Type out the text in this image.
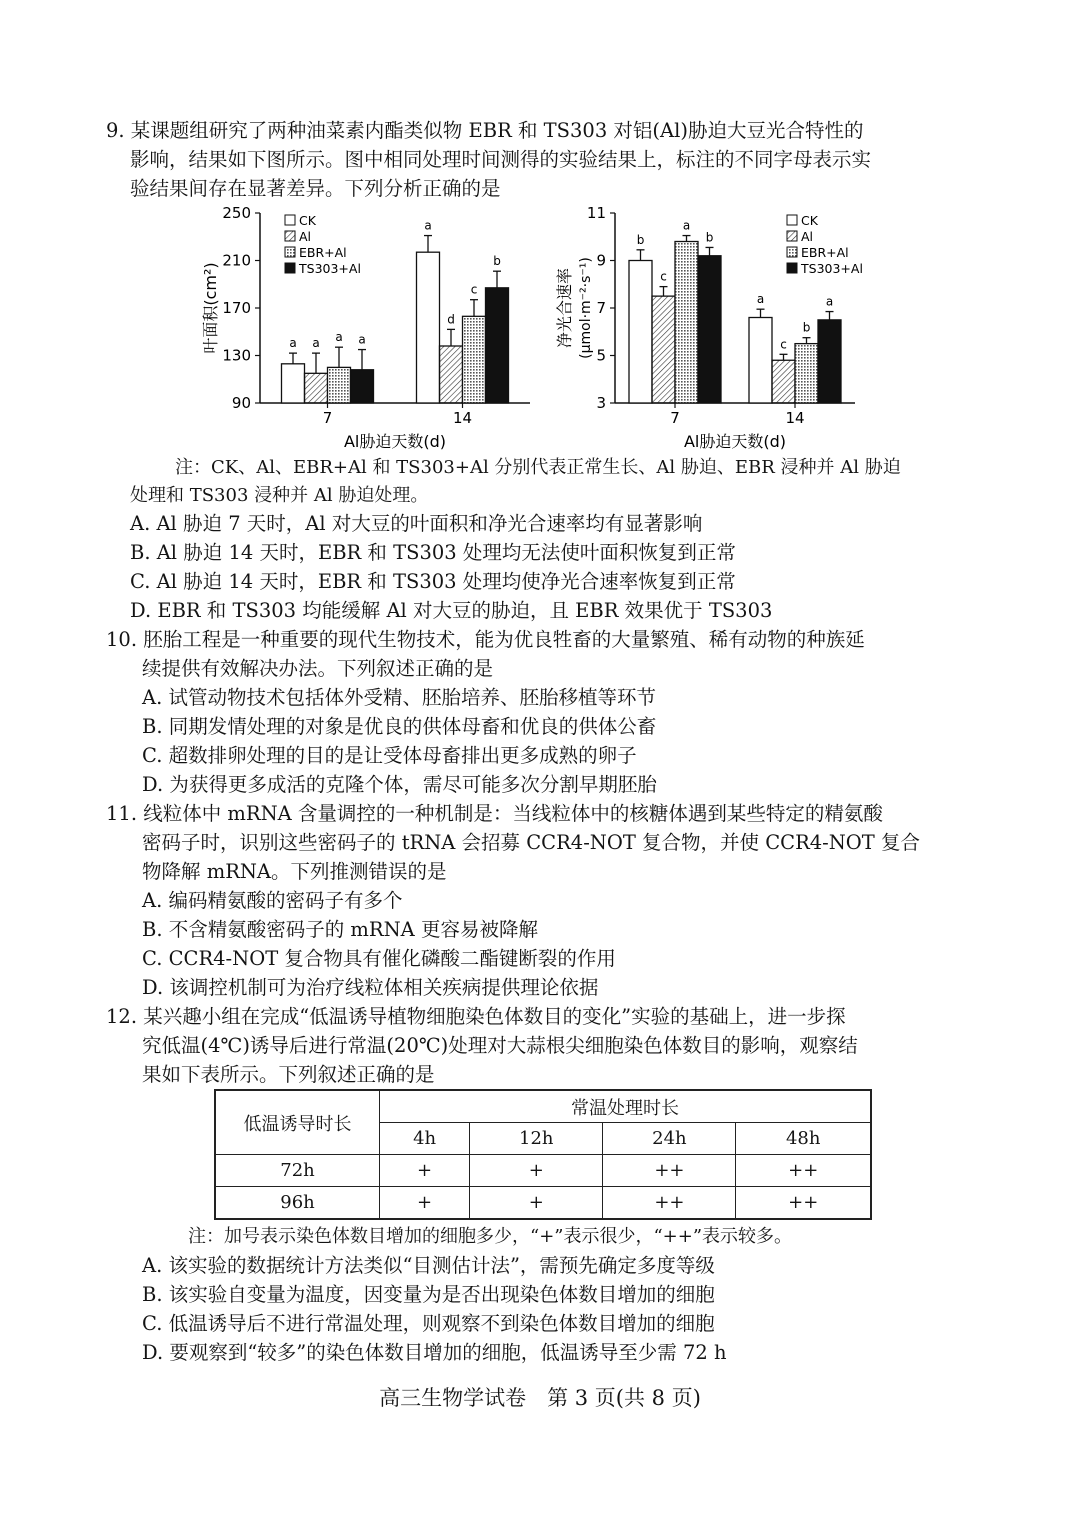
9. 某课题组研究了两种油菜素内酯类似物 EBR 和 TS303 对铝(Al)胁迫大豆光合特性的
影响，结果如下图所示。图中相同处理时间测得的实验结果上，标注的不同字母表示实
验结果间存在显著差异。下列分析正确的是
90
130
170
210
250
7
a a a a
14
a
d
c
b
Al胁迫天数(d)
叶面积(cm²)
CK
Al
EBR+Al
TS303+Al
3
5
7
9
11
7
b
c
a
b
14
a
c
b
a
Al胁迫天数(d)
净光合速率 (μmol·m⁻²·s⁻¹)
CK
Al
EBR+Al
TS303+Al
注：CK、Al、EBR+Al 和 TS303+Al 分别代表正常生长、Al 胁迫、EBR 浸种并 Al 胁迫
处理和 TS303 浸种并 Al 胁迫处理。
A. Al 胁迫 7 天时，Al 对大豆的叶面积和净光合速率均有显著影响
B. Al 胁迫 14 天时，EBR 和 TS303 处理均无法使叶面积恢复到正常
C. Al 胁迫 14 天时，EBR 和 TS303 处理均使净光合速率恢复到正常
D. EBR 和 TS303 均能缓解 Al 对大豆的胁迫，且 EBR 效果优于 TS303
10. 胚胎工程是一种重要的现代生物技术，能为优良牲畜的大量繁殖、稀有动物的种族延
续提供有效解决办法。下列叙述正确的是
A. 试管动物技术包括体外受精、胚胎培养、胚胎移植等环节
B. 同期发情处理的对象是优良的供体母畜和优良的供体公畜
C. 超数排卵处理的目的是让受体母畜排出更多成熟的卵子
D. 为获得更多成活的克隆个体，需尽可能多次分割早期胚胎
11. 线粒体中 mRNA 含量调控的一种机制是：当线粒体中的核糖体遇到某些特定的精氨酸
密码子时，识别这些密码子的 tRNA 会招募 CCR4-NOT 复合物，并使 CCR4-NOT 复合
物降解 mRNA。下列推测错误的是
A. 编码精氨酸的密码子有多个
B. 不含精氨酸密码子的 mRNA 更容易被降解
C. CCR4-NOT 复合物具有催化磷酸二酯键断裂的作用
D. 该调控机制可为治疗线粒体相关疾病提供理论依据
12. 某兴趣小组在完成“低温诱导植物细胞染色体数目的变化”实验的基础上，进一步探
究低温(4℃)诱导后进行常温(20℃)处理对大蒜根尖细胞染色体数目的影响，观察结
果如下表所示。下列叙述正确的是
低温诱导时长	常温处理时长			
	4h	12h	24h	48h
72h	+	+	++	++
96h	+	+	++	++
注：加号表示染色体数目增加的细胞多少，“+”表示很少，“++”表示较多。
A. 该实验的数据统计方法类似“目测估计法”，需预先确定多度等级
B. 该实验自变量为温度，因变量为是否出现染色体数目增加的细胞
C. 低温诱导后不进行常温处理，则观察不到染色体数目增加的细胞
D. 要观察到“较多”的染色体数目增加的细胞，低温诱导至少需 72 h
高三生物学试卷　第 3 页(共 8 页)
